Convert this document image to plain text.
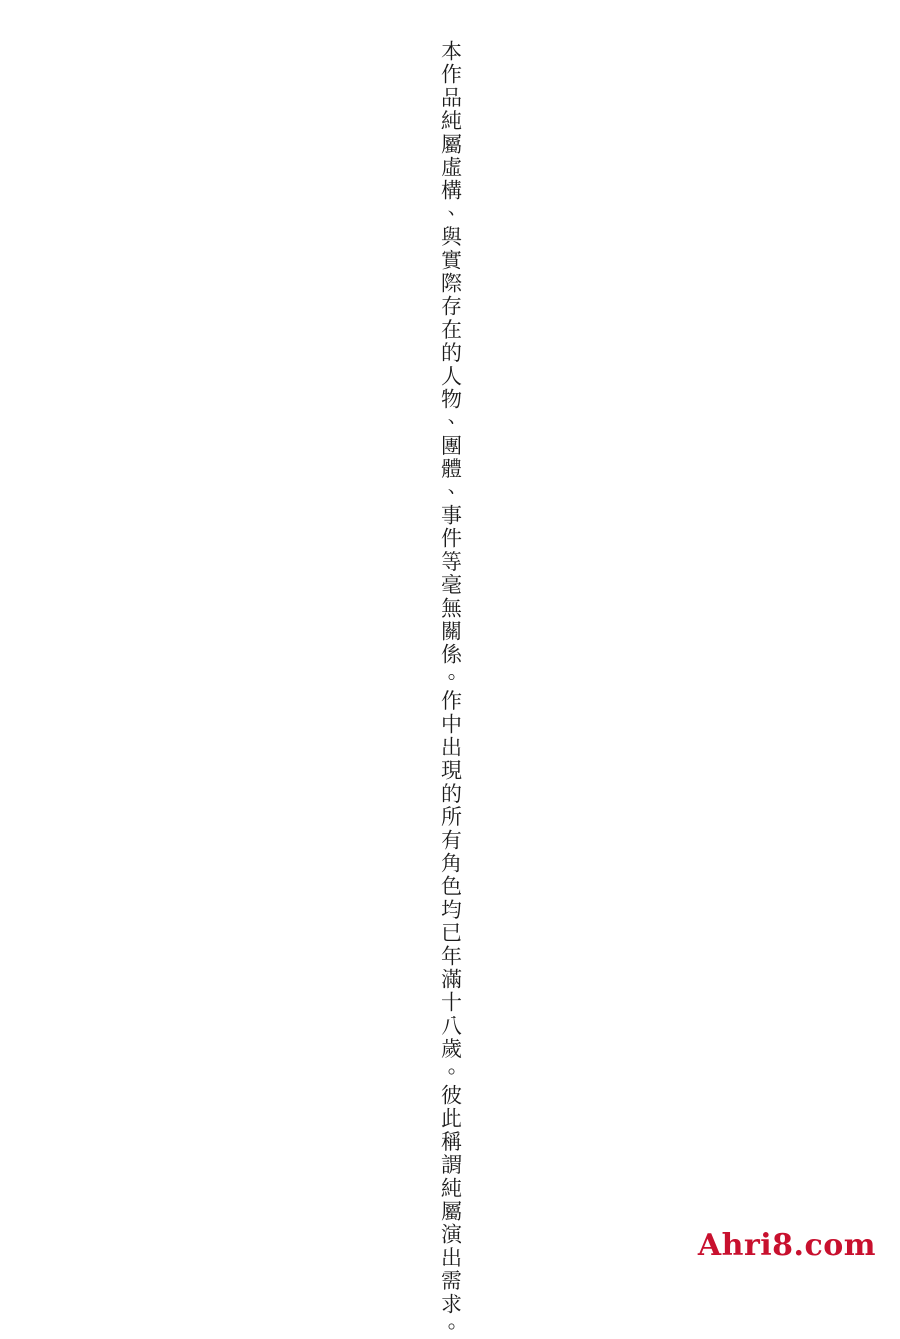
本作品純屬虛構、與實際存在的人物、團體、事件等毫無關係。作中出現的所有角色均已年滿十八歲。彼此稱謂純屬演出需求。	Ahri8.com
